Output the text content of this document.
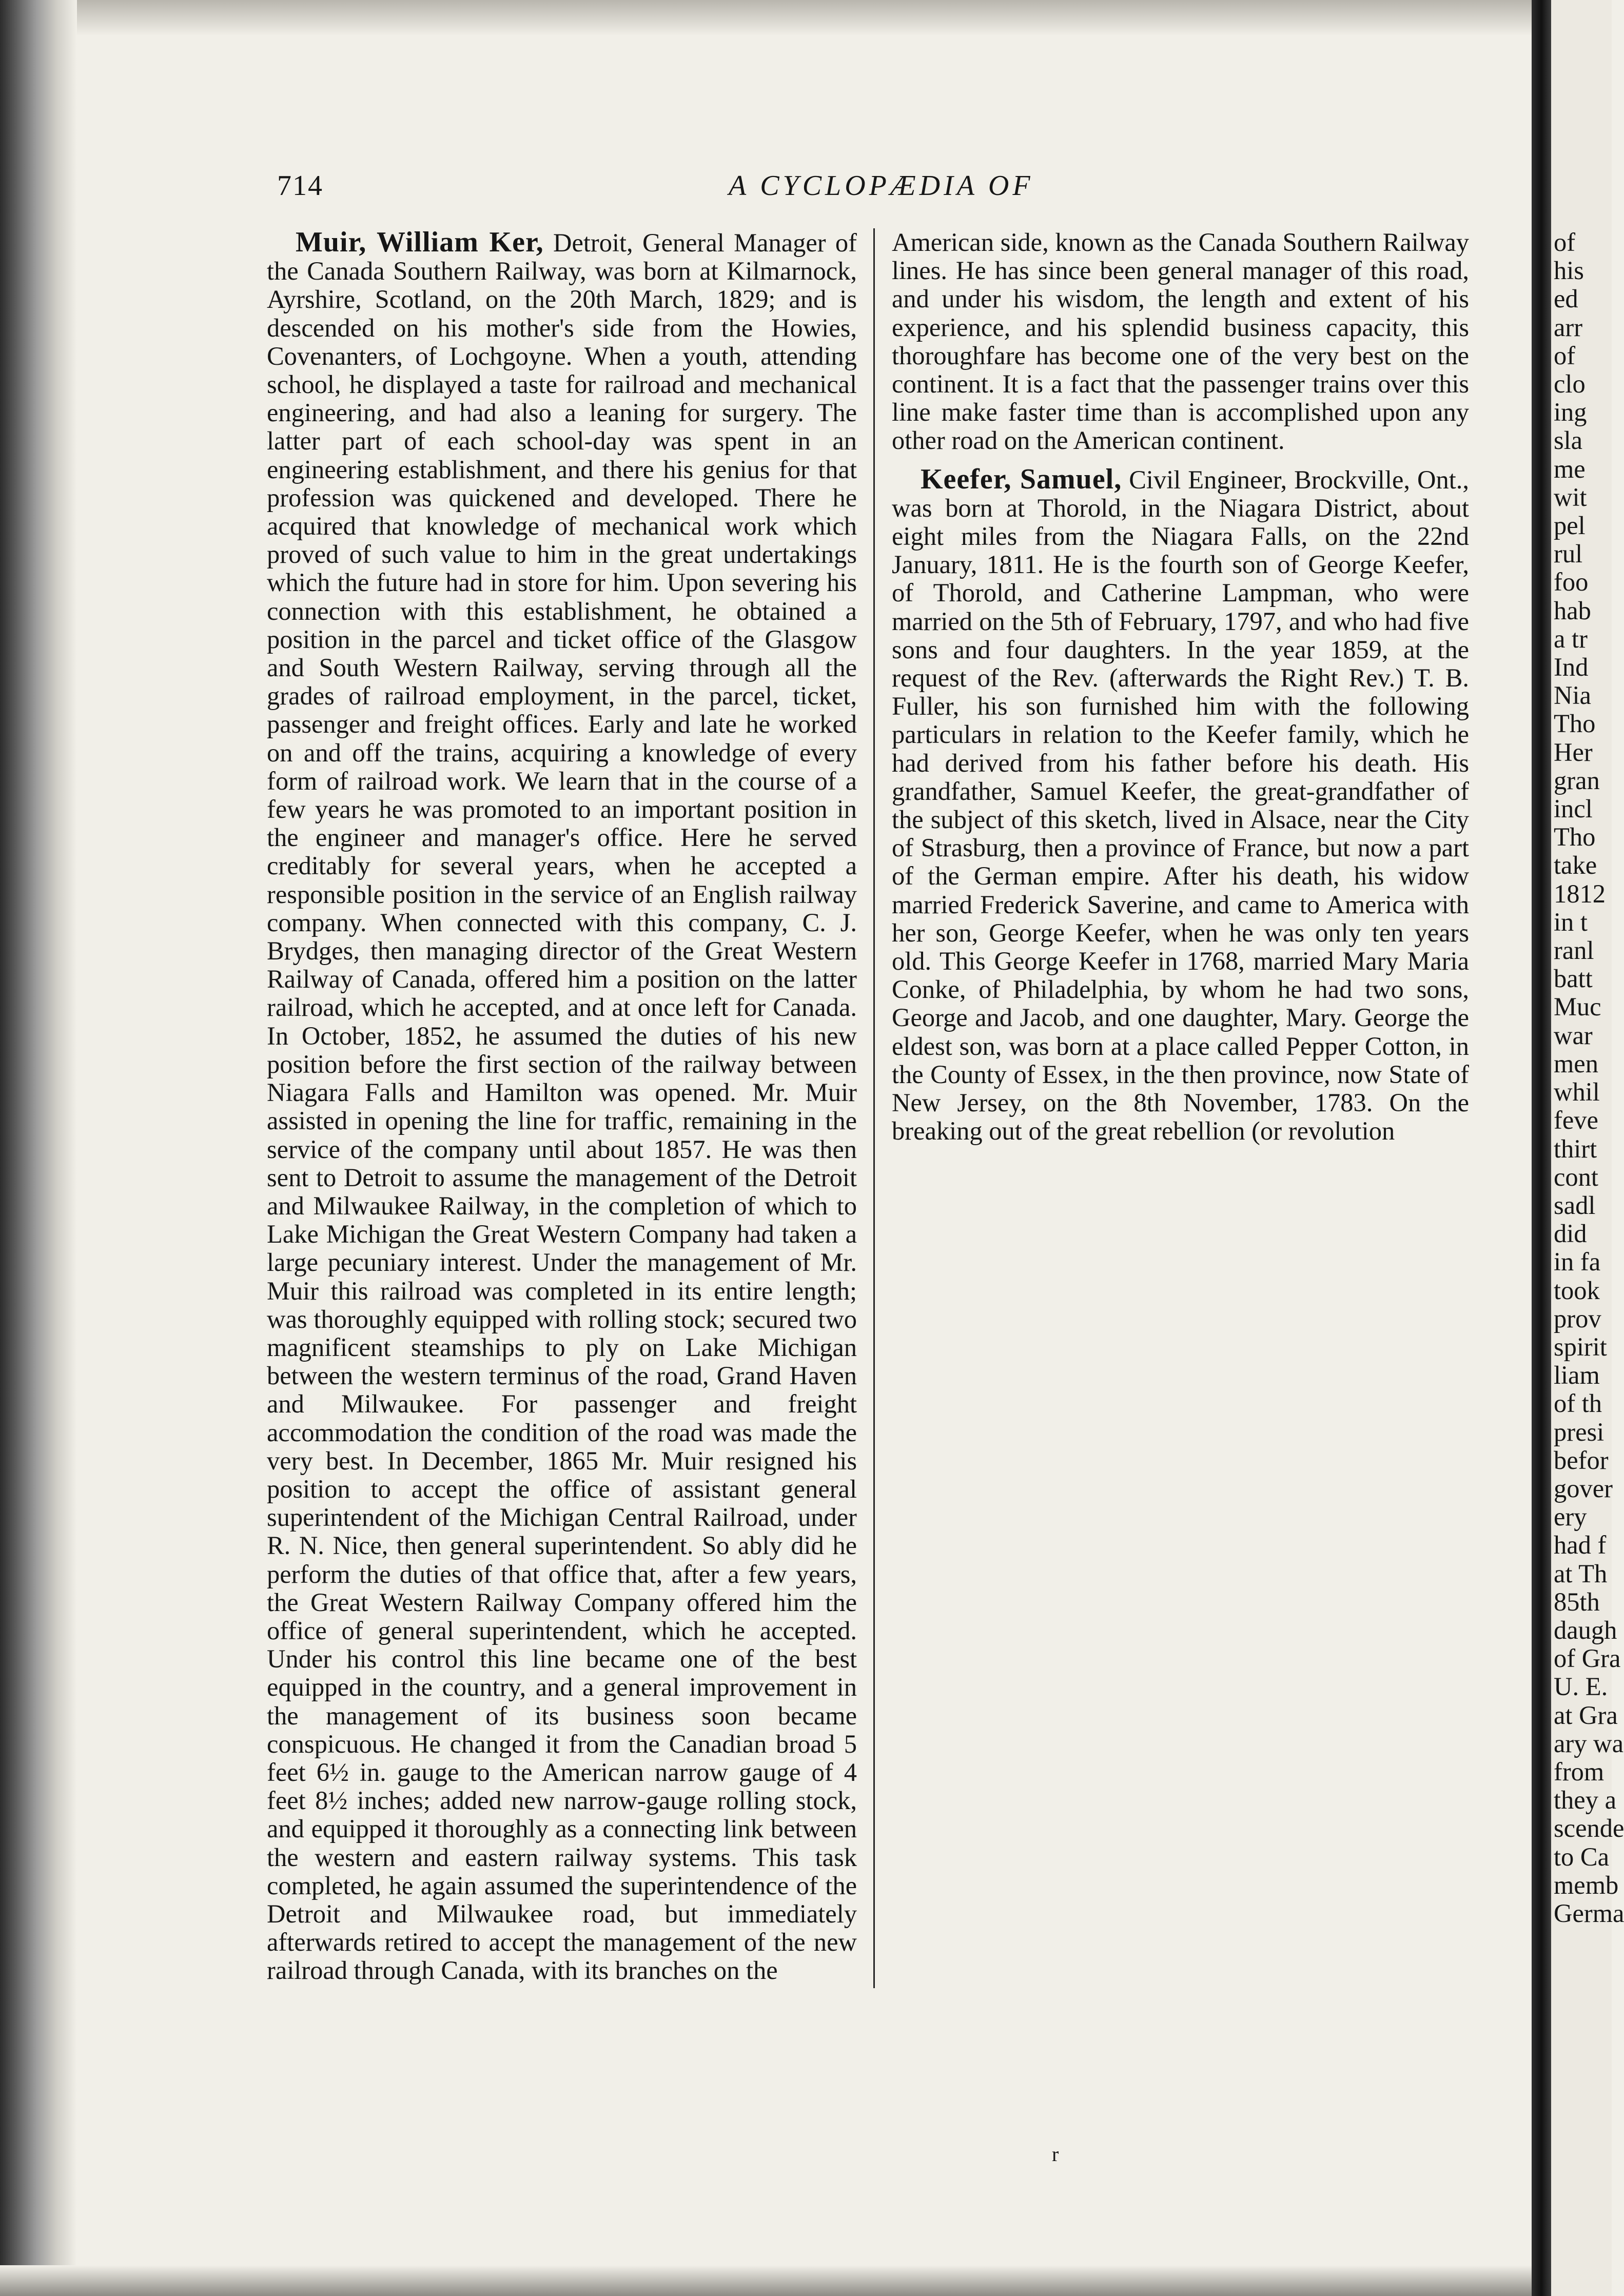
714	A CYCLOPÆDIA OF

Muir, William Ker, Detroit, General Manager of the Canada Southern Railway, was born at Kilmarnock, Ayrshire, Scotland, on the 20th March, 1829; and is descended on his mother's side from the Howies, Covenanters, of Lochgoyne. When a youth, attending school, he displayed a taste for railroad and mechanical engineering, and had also a leaning for surgery. The latter part of each school-day was spent in an engineering establishment, and there his genius for that profession was quickened and developed. There he acquired that knowledge of mechanical work which proved of such value to him in the great undertakings which the future had in store for him. Upon severing his connection with this establishment, he obtained a position in the parcel and ticket office of the Glasgow and South Western Railway, serving through all the grades of railroad employment, in the parcel, ticket, passenger and freight offices. Early and late he worked on and off the trains, acquiring a knowledge of every form of railroad work. We learn that in the course of a few years he was promoted to an important position in the engineer and manager's office. Here he served creditably for several years, when he accepted a responsible position in the service of an English railway company. When connected with this company, C. J. Brydges, then managing director of the Great Western Railway of Canada, offered him a position on the latter railroad, which he accepted, and at once left for Canada. In October, 1852, he assumed the duties of his new position before the first section of the railway between Niagara Falls and Hamilton was opened. Mr. Muir assisted in opening the line for traffic, remaining in the service of the company until about 1857. He was then sent to Detroit to assume the management of the Detroit and Milwaukee Railway, in the completion of which to Lake Michigan the Great Western Company had taken a large pecuniary interest. Under the management of Mr. Muir this railroad was completed in its entire length; was thoroughly equipped with rolling stock; secured two magnificent steamships to ply on Lake Michigan between the western terminus of the road, Grand Haven and Milwaukee. For passenger and freight accommodation the condition of the road was made the very best. In December, 1865 Mr. Muir resigned his position to accept the office of assistant general superintendent of the Michigan Central Railroad, under R. N. Nice, then general superintendent. So ably did he perform the duties of that office that, after a few years, the Great Western Railway Company offered him the office of general superintendent, which he accepted. Under his control this line became one of the best equipped in the country, and a general improvement in the management of its business soon became conspicuous. He changed it from the Canadian broad 5 feet 6½ in. gauge to the American narrow gauge of 4 feet 8½ inches; added new narrow-gauge rolling stock, and equipped it thoroughly as a connecting link between the western and eastern railway systems. This task completed, he again assumed the superintendence of the Detroit and Milwaukee road, but immediately afterwards retired to accept the management of the new railroad through Canada, with its branches on the

American side, known as the Canada Southern Railway lines. He has since been general manager of this road, and under his wisdom, the length and extent of his experience, and his splendid business capacity, this thoroughfare has become one of the very best on the continent. It is a fact that the passenger trains over this line make faster time than is accomplished upon any other road on the American continent.

Keefer, Samuel, Civil Engineer, Brockville, Ont., was born at Thorold, in the Niagara District, about eight miles from the Niagara Falls, on the 22nd January, 1811. He is the fourth son of George Keefer, of Thorold, and Catherine Lampman, who were married on the 5th of February, 1797, and who had five sons and four daughters. In the year 1859, at the request of the Rev. (afterwards the Right Rev.) T. B. Fuller, his son furnished him with the following particulars in relation to the Keefer family, which he had derived from his father before his death. His grandfather, Samuel Keefer, the great-grandfather of the subject of this sketch, lived in Alsace, near the City of Strasburg, then a province of France, but now a part of the German empire. After his death, his widow married Frederick Saverine, and came to America with her son, George Keefer, when he was only ten years old. This George Keefer in 1768, married Mary Maria Conke, of Philadelphia, by whom he had two sons, George and Jacob, and one daughter, Mary. George the eldest son, was born at a place called Pepper Cotton, in the County of Essex, in the then province, now State of New Jersey, on the 8th November, 1783. On the breaking out of the great rebellion (or revolution

of
his
ed
arr
of
clo
ing
sla
me
wit
pel
rul
foo
hab
a tr
Ind
Nia
Tho
Her
gran
incl
Tho
take
1812
in t
ranl
batt
Muc
war
men
whil
feve
thirt
cont
sadl
did
in fa
took
prov
spirit
liam
of th
presi
befor
gover
ery
had f
at Th
85th
daugh
of Gra
U. E.
at Gra
ary wa
from
they a
scende
to Ca
memb
Germa
r
